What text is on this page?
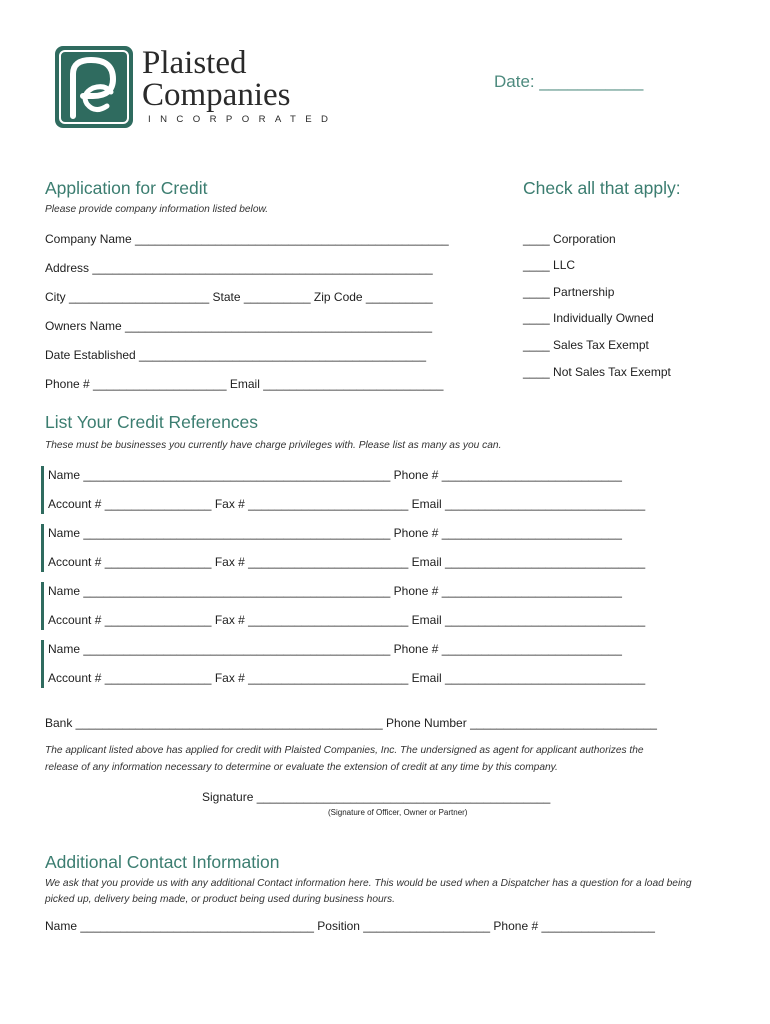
Plaisted
Companies
INCORPORATED
Date: ___________
Application for Credit
Please provide company information listed below.
Company Name _______________________________________________
Address ___________________________________________________
City _____________________ State __________ Zip Code __________
Owners Name ______________________________________________
Date Established ___________________________________________
Phone # ____________________ Email ___________________________
Check all that apply:
____ Corporation
____ LLC
____ Partnership
____ Individually Owned
____ Sales Tax Exempt
____ Not Sales Tax Exempt
List Your Credit References
These must be businesses you currently have charge privileges with. Please list as many as you can.
Name ______________________________________________ Phone # ___________________________
Account # ________________ Fax # ________________________ Email ______________________________
Name ______________________________________________ Phone # ___________________________
Account # ________________ Fax # ________________________ Email ______________________________
Name ______________________________________________ Phone # ___________________________
Account # ________________ Fax # ________________________ Email ______________________________
Name ______________________________________________ Phone # ___________________________
Account # ________________ Fax # ________________________ Email ______________________________
Bank ______________________________________________ Phone Number ____________________________
The applicant listed above has applied for credit with Plaisted Companies, Inc. The undersigned as agent for applicant authorizes the
release of any information necessary to determine or evaluate the extension of credit at any time by this company.
Signature ____________________________________________
(Signature of Officer, Owner or Partner)
Additional Contact Information
We ask that you provide us with any additional Contact information here. This would be used when a Dispatcher has a question for a load being
picked up, delivery being made, or product being used during business hours.
Name ___________________________________ Position ___________________ Phone # _________________
